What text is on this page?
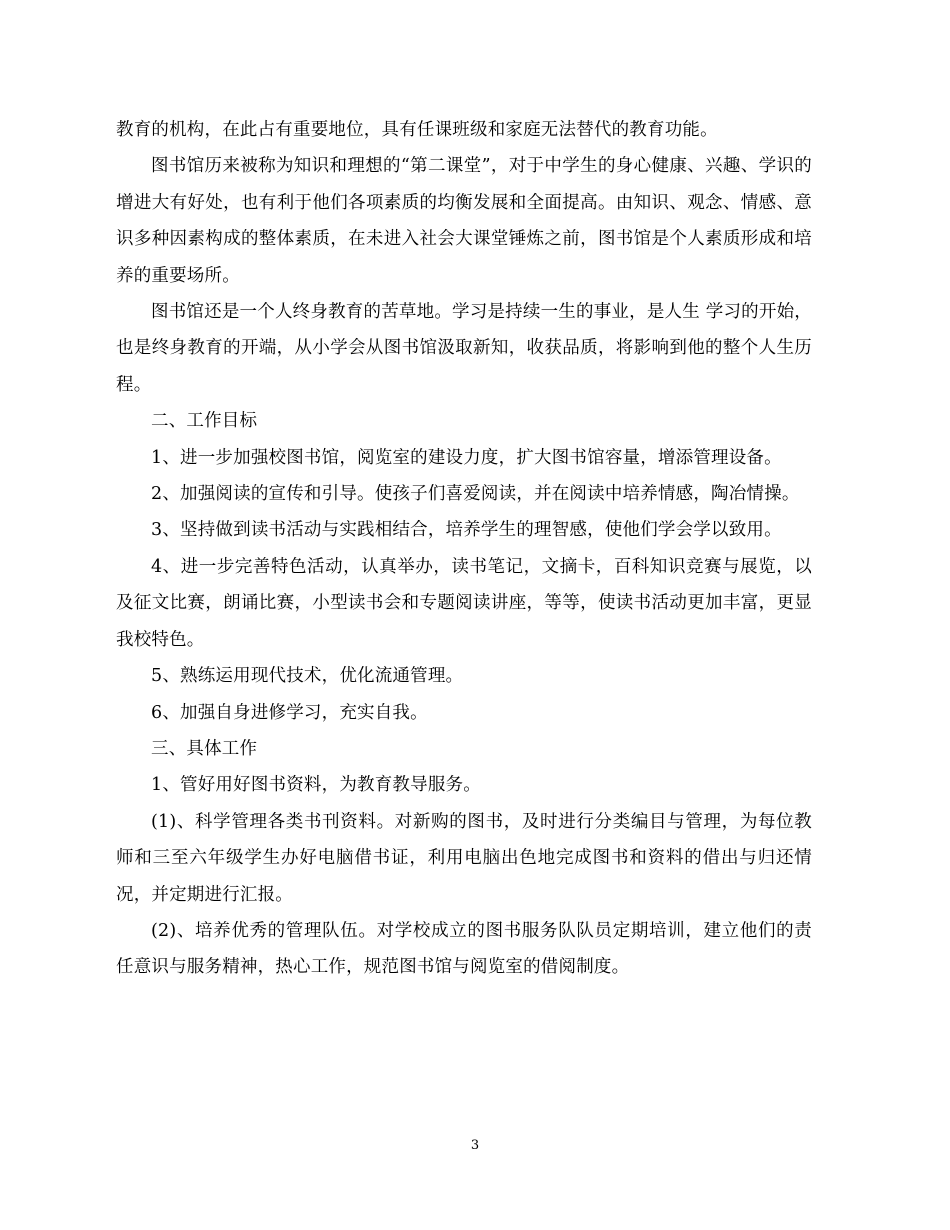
教育的机构，在此占有重要地位，具有任课班级和家庭无法替代的教育功能。

图书馆历来被称为知识和理想的“第二课堂”，对于中学生的身心健康、兴趣、学识的增进大有好处，也有利于他们各项素质的均衡发展和全面提高。由知识、观念、情感、意识多种因素构成的整体素质，在未进入社会大课堂锤炼之前，图书馆是个人素质形成和培养的重要场所。

图书馆还是一个人终身教育的苦草地。学习是持续一生的事业，是人生 学习的开始，也是终身教育的开端，从小学会从图书馆汲取新知，收获品质，将影响到他的整个人生历程。

二、工作目标

1、进一步加强校图书馆，阅览室的建设力度，扩大图书馆容量，增添管理设备。

2、加强阅读的宣传和引导。使孩子们喜爱阅读，并在阅读中培养情感，陶冶情操。

3、坚持做到读书活动与实践相结合，培养学生的理智感，使他们学会学以致用。

4、进一步完善特色活动，认真举办，读书笔记，文摘卡，百科知识竞赛与展览，以及征文比赛，朗诵比赛，小型读书会和专题阅读讲座，等等，使读书活动更加丰富，更显我校特色。

5、熟练运用现代技术，优化流通管理。

6、加强自身进修学习，充实自我。

三、具体工作

1、管好用好图书资料，为教育教导服务。

(1)、科学管理各类书刊资料。对新购的图书，及时进行分类编目与管理，为每位教师和三至六年级学生办好电脑借书证，利用电脑出色地完成图书和资料的借出与归还情况，并定期进行汇报。

(2)、培养优秀的管理队伍。对学校成立的图书服务队队员定期培训，建立他们的责任意识与服务精神，热心工作，规范图书馆与阅览室的借阅制度。

3
